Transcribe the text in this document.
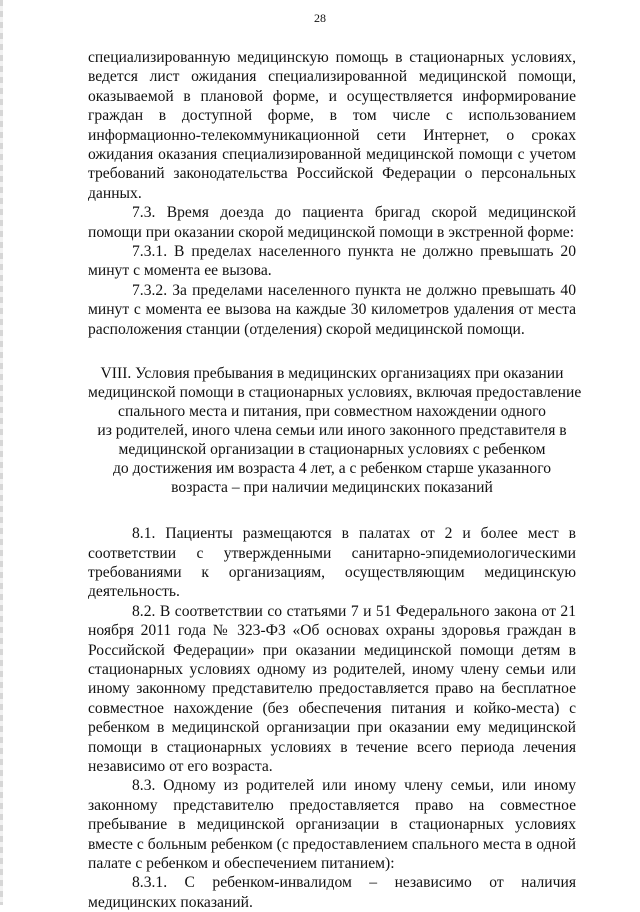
28

специализированную медицинскую помощь в стационарных условиях, ведется лист ожидания специализированной медицинской помощи, оказываемой в плановой форме, и осуществляется информирование граждан в доступной форме, в том числе с использованием информационно-телекоммуникационной сети Интернет, о сроках ожидания оказания специализированной медицинской помощи с учетом требований законодательства Российской Федерации о персональных данных.

7.3. Время доезда до пациента бригад скорой медицинской помощи при оказании скорой медицинской помощи в экстренной форме:

7.3.1. В пределах населенного пункта не должно превышать 20 минут с момента ее вызова.

7.3.2. За пределами населенного пункта не должно превышать 40 минут с момента ее вызова на каждые 30 километров удаления от места расположения станции (отделения) скорой медицинской помощи.

VIII. Условия пребывания в медицинских организациях при оказании
медицинской помощи в стационарных условиях, включая предоставление
спального места и питания, при совместном нахождении одного
из родителей, иного члена семьи или иного законного представителя в
медицинской организации в стационарных условиях с ребенком
до достижения им возраста 4 лет, а с ребенком старше указанного
возраста – при наличии медицинских показаний

8.1. Пациенты размещаются в палатах от 2 и более мест в соответствии с утвержденными санитарно-эпидемиологическими требованиями к организациям, осуществляющим медицинскую деятельность.

8.2. В соответствии со статьями 7 и 51 Федерального закона от 21 ноября 2011 года № 323-ФЗ «Об основах охраны здоровья граждан в Российской Федерации» при оказании медицинской помощи детям в стационарных условиях одному из родителей, иному члену семьи или иному законному представителю предоставляется право на бесплатное совместное нахождение (без обеспечения питания и койко-места) с ребенком в медицинской организации при оказании ему медицинской помощи в стационарных условиях в течение всего периода лечения независимо от его возраста.

8.3. Одному из родителей или иному члену семьи, или иному законному представителю предоставляется право на совместное пребывание в медицинской организации в стационарных условиях вместе с больным ребенком (с предоставлением спального места в одной палате с ребенком и обеспечением питанием):

8.3.1. С ребенком-инвалидом – независимо от наличия медицинских показаний.
